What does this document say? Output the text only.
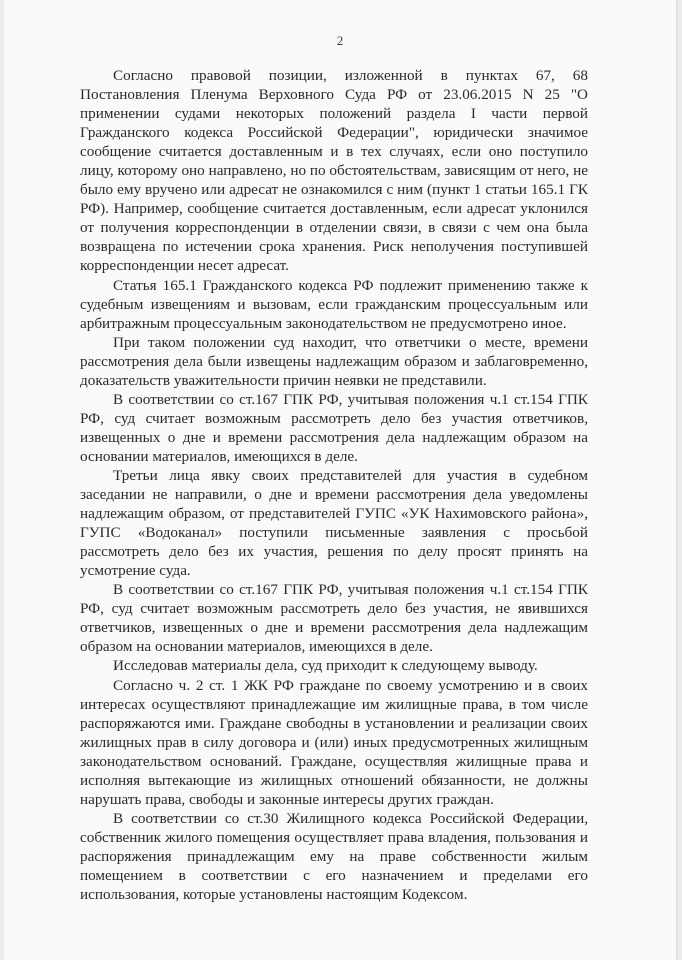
2

Согласно правовой позиции, изложенной в пунктах 67, 68 Постановления Пленума Верховного Суда РФ от 23.06.2015 N 25 "О применении судами некоторых положений раздела I части первой Гражданского кодекса Российской Федерации", юридически значимое сообщение считается доставленным и в тех случаях, если оно поступило лицу, которому оно направлено, но по обстоятельствам, зависящим от него, не было ему вручено или адресат не ознакомился с ним (пункт 1 статьи 165.1 ГК РФ). Например, сообщение считается доставленным, если адресат уклонился от получения корреспонденции в отделении связи, в связи с чем она была возвращена по истечении срока хранения. Риск неполучения поступившей корреспонденции несет адресат.

Статья 165.1 Гражданского кодекса РФ подлежит применению также к судебным извещениям и вызовам, если гражданским процессуальным или арбитражным процессуальным законодательством не предусмотрено иное.

При таком положении суд находит, что ответчики о месте, времени рассмотрения дела были извещены надлежащим образом и заблаговременно, доказательств уважительности причин неявки не представили.

В соответствии со ст.167 ГПК РФ, учитывая положения ч.1 ст.154 ГПК РФ, суд считает возможным рассмотреть дело без участия ответчиков, извещенных о дне и времени рассмотрения дела надлежащим образом на основании материалов, имеющихся в деле.

Третьи лица явку своих представителей для участия в судебном заседании не направили, о дне и времени рассмотрения дела уведомлены надлежащим образом, от представителей ГУПС «УК Нахимовского района», ГУПС «Водоканал» поступили письменные заявления с просьбой рассмотреть дело без их участия, решения по делу просят принять на усмотрение суда.

В соответствии со ст.167 ГПК РФ, учитывая положения ч.1 ст.154 ГПК РФ, суд считает возможным рассмотреть дело без участия, не явившихся ответчиков, извещенных о дне и времени рассмотрения дела надлежащим образом на основании материалов, имеющихся в деле.

Исследовав материалы дела, суд приходит к следующему выводу.

Согласно ч. 2 ст. 1 ЖК РФ граждане по своему усмотрению и в своих интересах осуществляют принадлежащие им жилищные права, в том числе распоряжаются ими. Граждане свободны в установлении и реализации своих жилищных прав в силу договора и (или) иных предусмотренных жилищным законодательством оснований. Граждане, осуществляя жилищные права и исполняя вытекающие из жилищных отношений обязанности, не должны нарушать права, свободы и законные интересы других граждан.

В соответствии со ст.30 Жилищного кодекса Российской Федерации, собственник жилого помещения осуществляет права владения, пользования и распоряжения принадлежащим ему на праве собственности жилым помещением в соответствии с его назначением и пределами его использования, которые установлены настоящим Кодексом.
